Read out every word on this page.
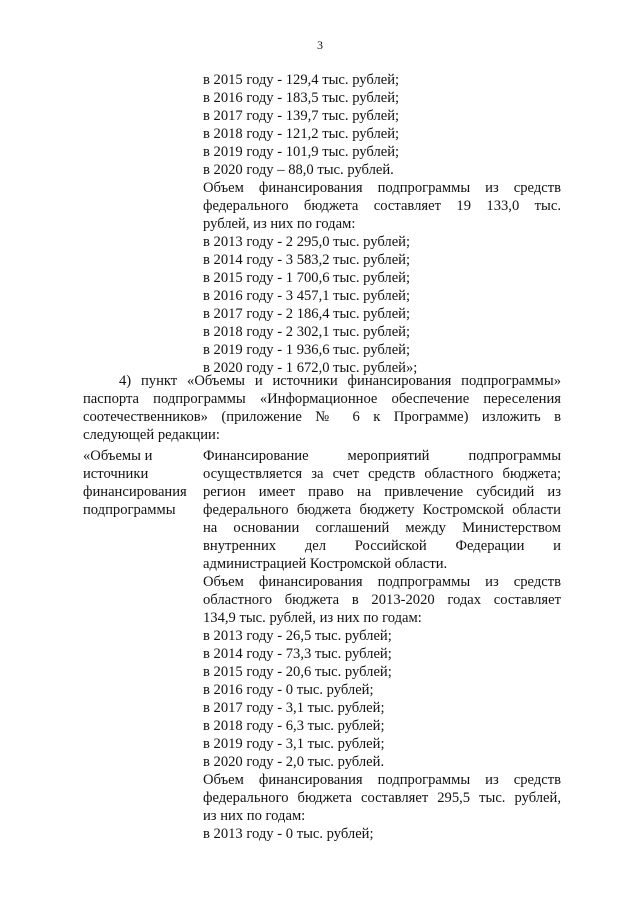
3
в 2015 году - 129,4 тыс. рублей;
в 2016 году - 183,5 тыс. рублей;
в 2017 году - 139,7 тыс. рублей;
в 2018 году - 121,2 тыс. рублей;
в 2019 году - 101,9 тыс. рублей;
в 2020 году – 88,0 тыс. рублей.
Объем финансирования подпрограммы из средств
федерального бюджета составляет 19 133,0 тыс.
рублей, из них по годам:
в 2013 году - 2 295,0 тыс. рублей;
в 2014 году - 3 583,2 тыс. рублей;
в 2015 году - 1 700,6 тыс. рублей;
в 2016 году - 3 457,1 тыс. рублей;
в 2017 году - 2 186,4 тыс. рублей;
в 2018 году - 2 302,1 тыс. рублей;
в 2019 году - 1 936,6 тыс. рублей;
в 2020 году - 1 672,0 тыс. рублей»;
4) пункт «Объемы и источники финансирования подпрограммы»
паспорта подпрограммы «Информационное обеспечение переселения
соотечественников» (приложение № 6 к Программе) изложить в
следующей редакции:
«Объемы и
источники
финансирования
подпрограммы
Финансирование мероприятий подпрограммы
осуществляется за счет средств областного бюджета;
регион имеет право на привлечение субсидий из
федерального бюджета бюджету Костромской области
на основании соглашений между Министерством
внутренних дел Российской Федерации и
администрацией Костромской области.
Объем финансирования подпрограммы из средств
областного бюджета в 2013-2020 годах составляет
134,9 тыс. рублей, из них по годам:
в 2013 году - 26,5 тыс. рублей;
в 2014 году - 73,3 тыс. рублей;
в 2015 году - 20,6 тыс. рублей;
в 2016 году - 0 тыс. рублей;
в 2017 году - 3,1 тыс. рублей;
в 2018 году - 6,3 тыс. рублей;
в 2019 году - 3,1 тыс. рублей;
в 2020 году - 2,0 тыс. рублей.
Объем финансирования подпрограммы из средств
федерального бюджета составляет 295,5 тыс. рублей,
из них по годам:
в 2013 году - 0 тыс. рублей;
